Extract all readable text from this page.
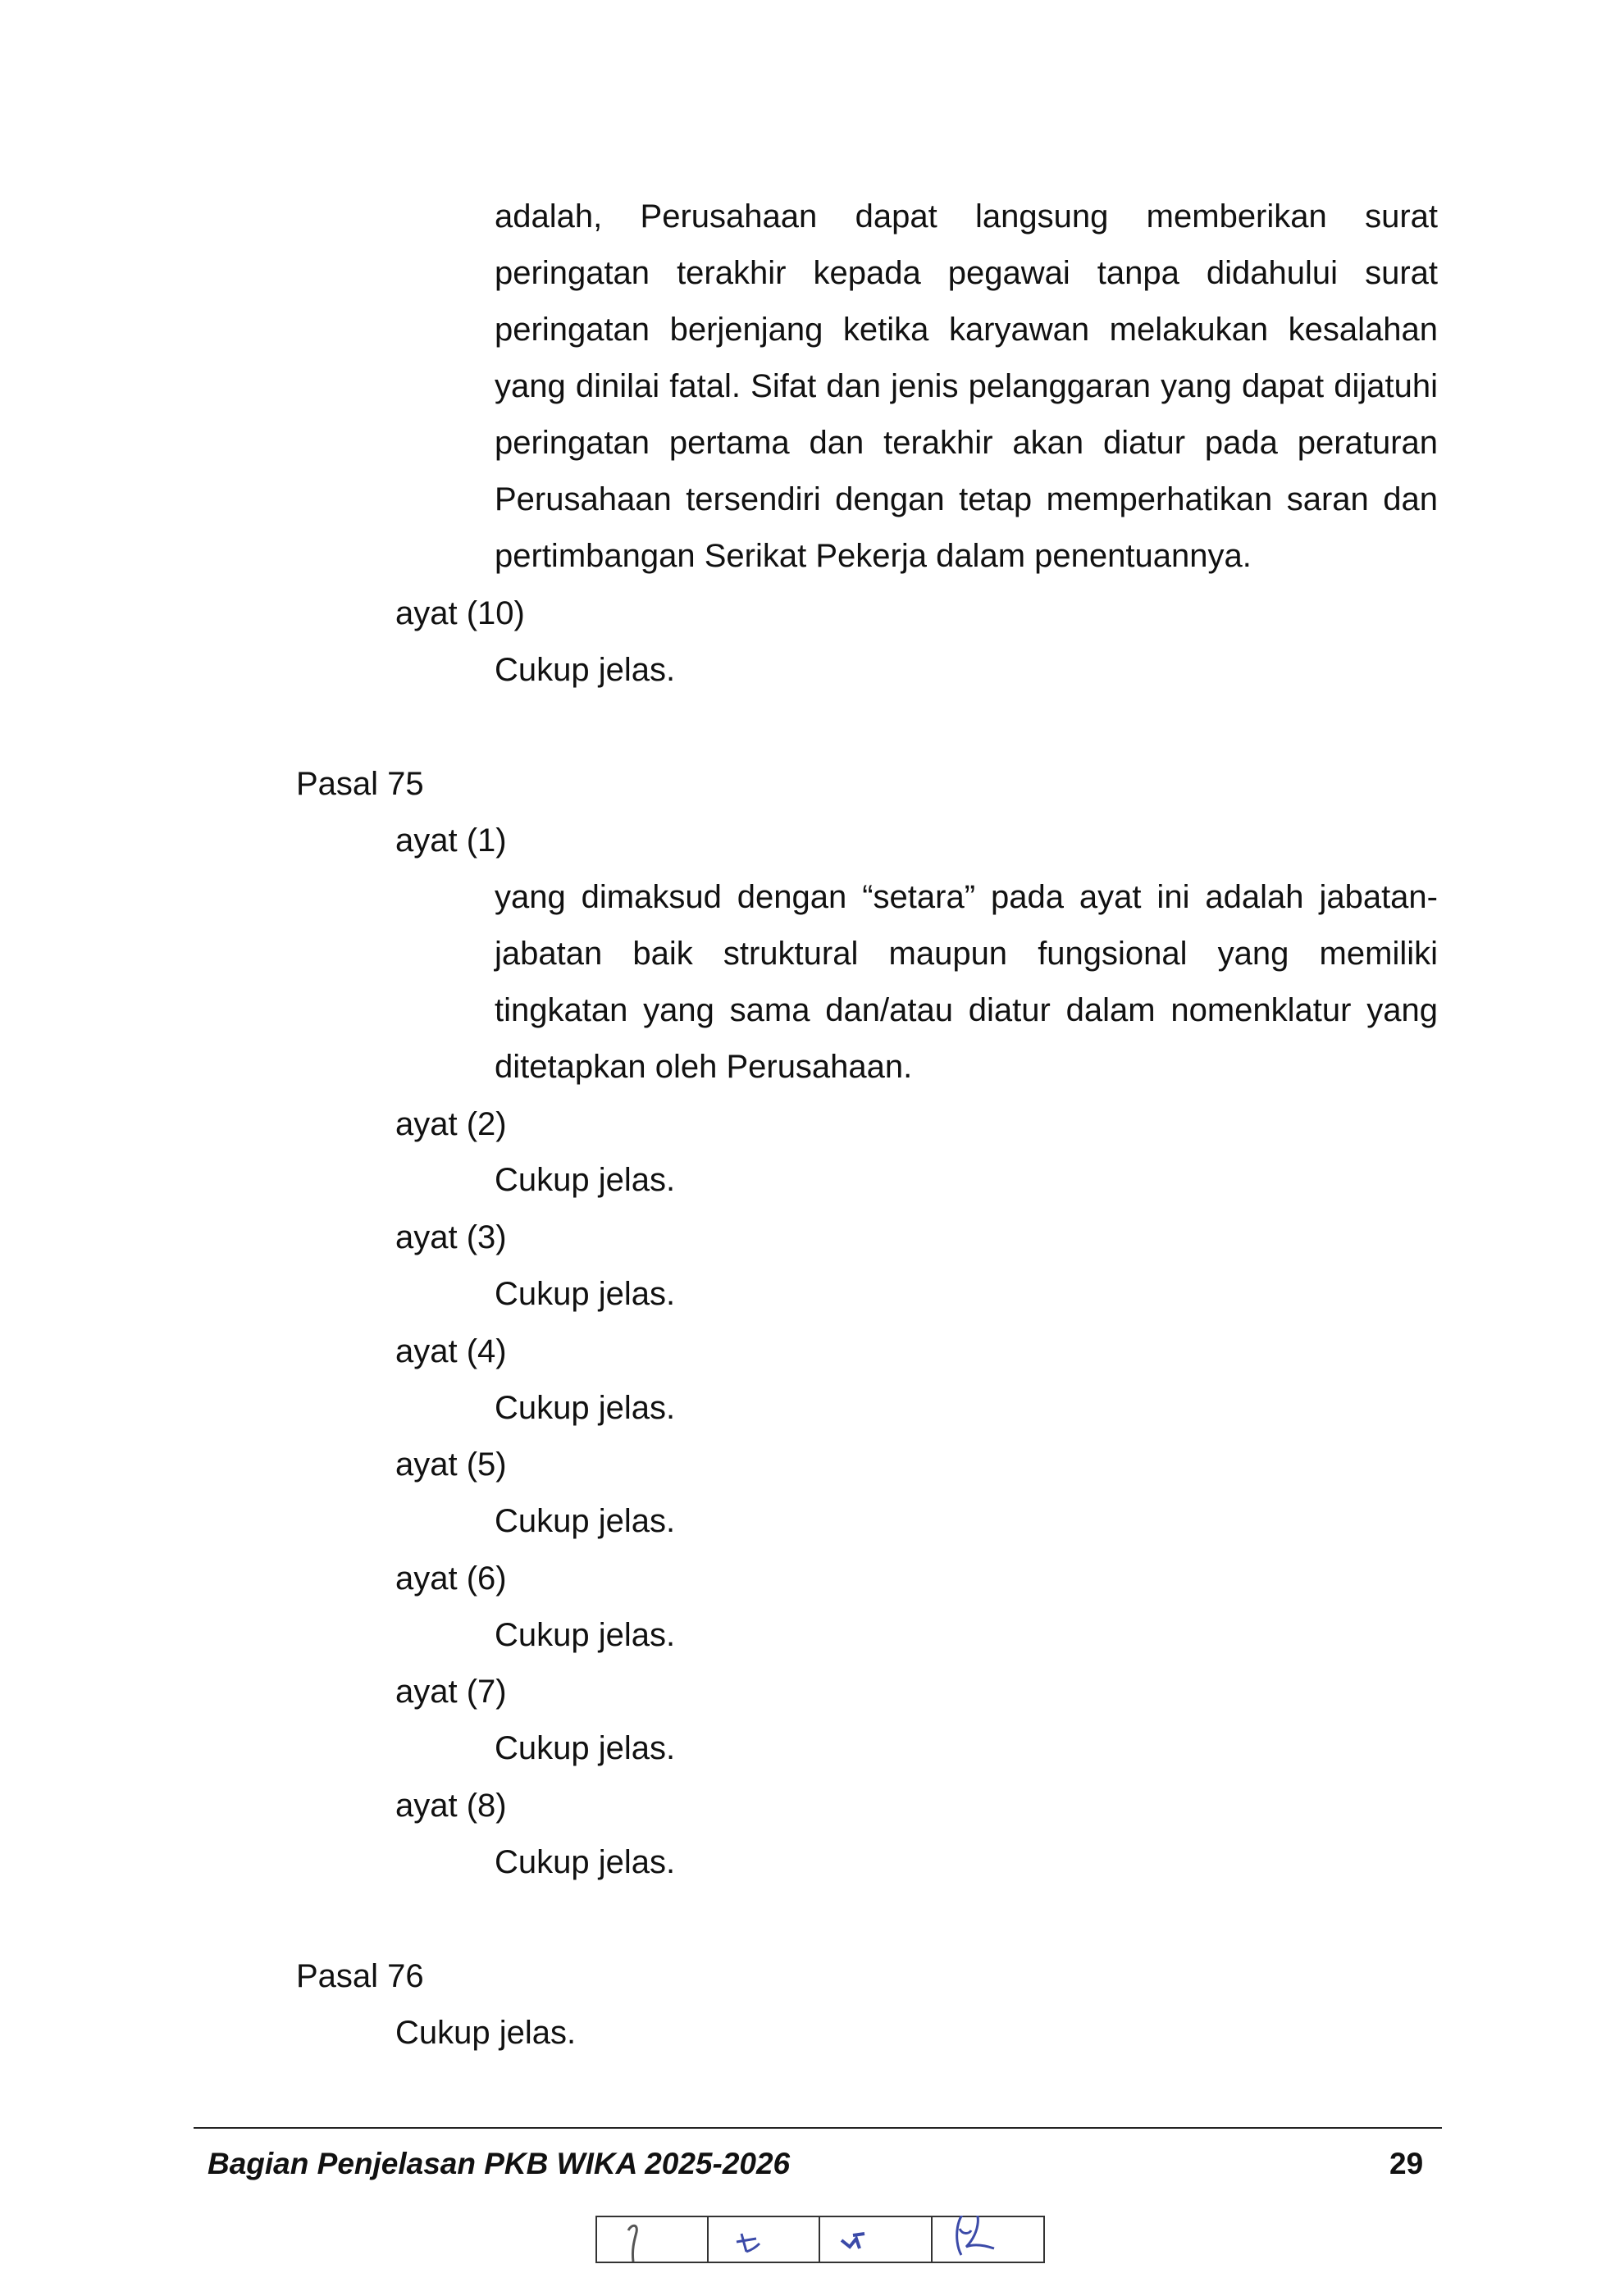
adalah, Perusahaan dapat langsung memberikan surat
peringatan terakhir kepada pegawai tanpa didahului surat
peringatan berjenjang ketika karyawan melakukan kesalahan
yang dinilai fatal. Sifat dan jenis pelanggaran yang dapat dijatuhi
peringatan pertama dan terakhir akan diatur pada peraturan
Perusahaan tersendiri dengan tetap memperhatikan saran dan
pertimbangan Serikat Pekerja dalam penentuannya.
ayat (10)
Cukup jelas.
Pasal 75
ayat (1)
yang dimaksud dengan “setara” pada ayat ini adalah jabatan-
jabatan baik struktural maupun fungsional yang memiliki
tingkatan yang sama dan/atau diatur dalam nomenklatur yang
ditetapkan oleh Perusahaan.
ayat (2)
Cukup jelas.
ayat (3)
Cukup jelas.
ayat (4)
Cukup jelas.
ayat (5)
Cukup jelas.
ayat (6)
Cukup jelas.
ayat (7)
Cukup jelas.
ayat (8)
Cukup jelas.
Pasal 76
Cukup jelas.
Bagian Penjelasan PKB WIKA 2025-2026	29
